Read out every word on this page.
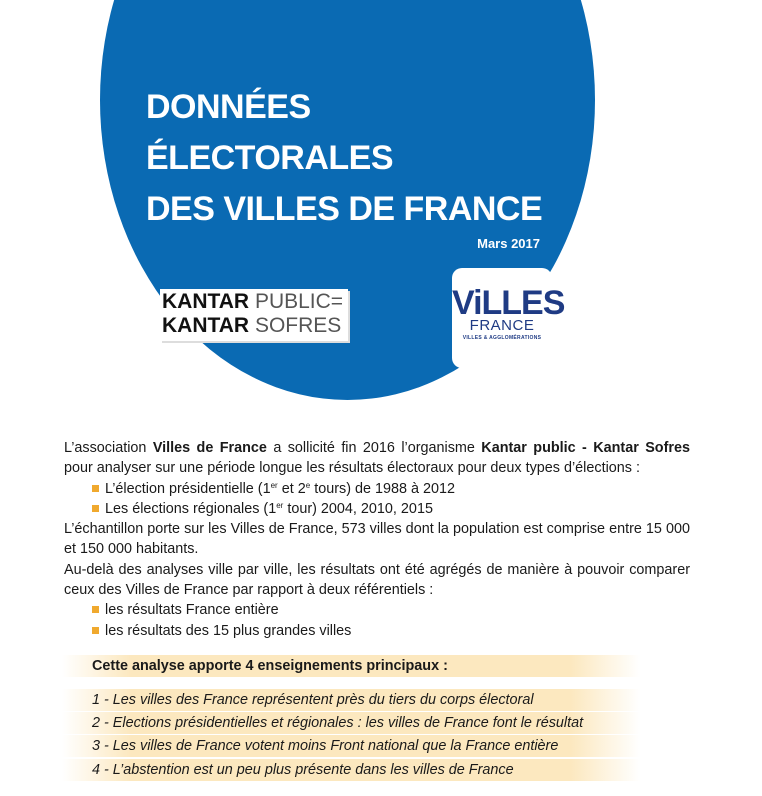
DONNÉES
ÉLECTORALES
DES VILLES DE FRANCE
Mars 2017
KANTAR PUBLIC=
KANTAR SOFRES
ViLLES
FRANCE
VILLES & AGGLOMÉRATIONS

L’association Villes de France a sollicité fin 2016 l’organisme Kantar public - Kantar Sofres pour analyser sur une période longue les résultats électoraux pour deux types d’élections :

L’élection présidentielle (1er et 2e tours) de 1988 à 2012
Les élections régionales (1er tour) 2004, 2010, 2015

L’échantillon porte sur les Villes de France, 573 villes dont la population est comprise entre 15 000 et 150 000 habitants.

Au-delà des analyses ville par ville, les résultats ont été agrégés de manière à pouvoir comparer ceux des Villes de France par rapport à deux référentiels :

les résultats France entière
les résultats des 15 plus grandes villes
Cette analyse apporte 4 enseignements principaux :
1 - Les villes des France représentent près du tiers du corps électoral
2 - Elections présidentielles et régionales : les villes de France font le résultat
3 - Les villes de France votent moins Front national que la France entière
4 - L’abstention est un peu plus présente dans les villes de France
